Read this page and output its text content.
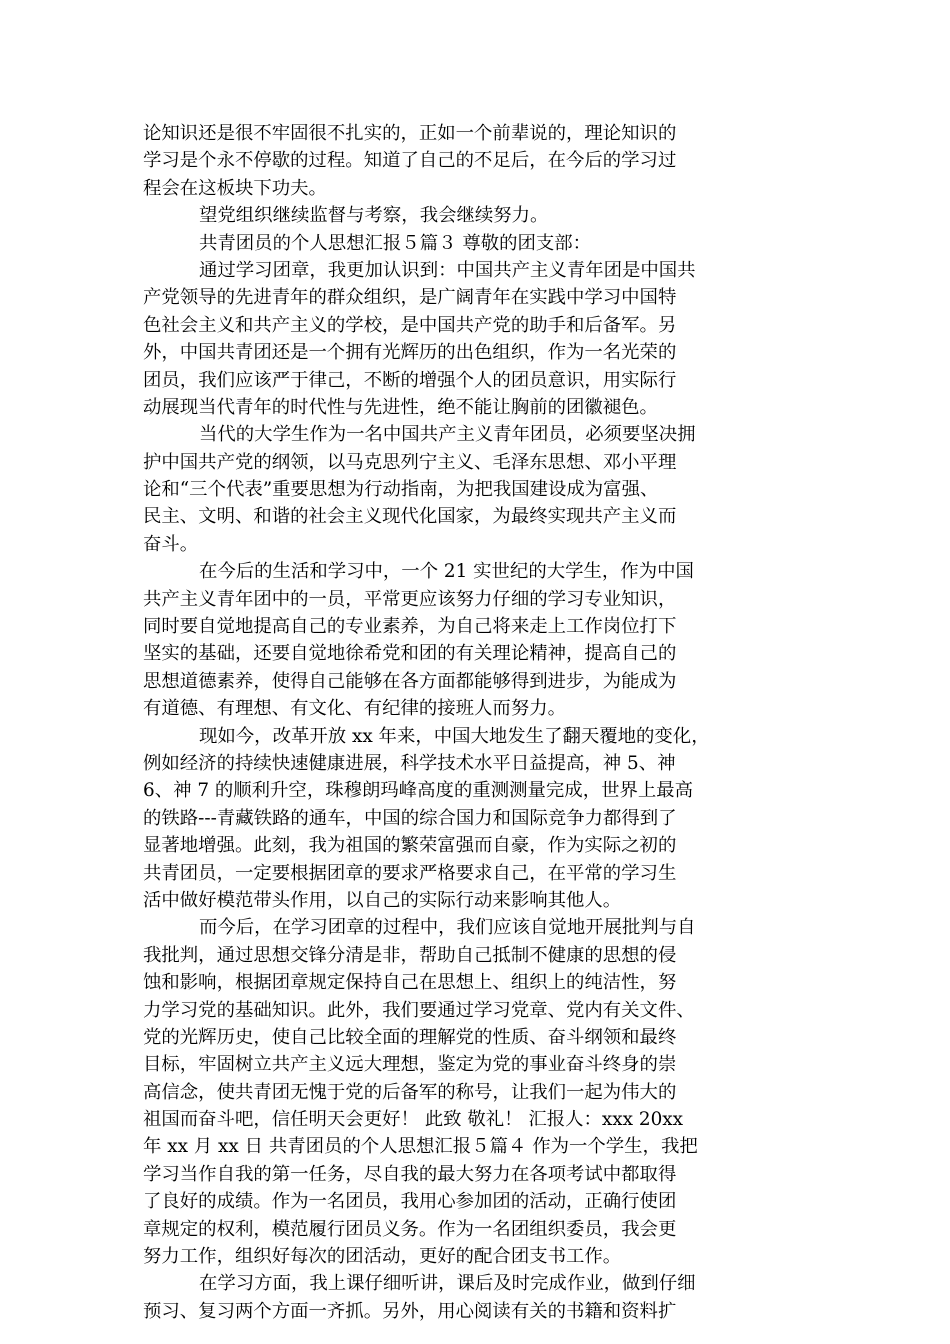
论知识还是很不牢固很不扎实的，正如一个前辈说的，理论知识的
学习是个永不停歇的过程。知道了自己的不足后，在今后的学习过
程会在这板块下功夫。
望党组织继续监督与考察，我会继续努力。
共青团员的个人思想汇报５篇３ 尊敬的团支部：
通过学习团章，我更加认识到：中国共产主义青年团是中国共
产党领导的先进青年的群众组织，是广阔青年在实践中学习中国特
色社会主义和共产主义的学校，是中国共产党的助手和后备军。另
外，中国共青团还是一个拥有光辉历的出色组织，作为一名光荣的
团员，我们应该严于律己，不断的增强个人的团员意识，用实际行
动展现当代青年的时代性与先进性，绝不能让胸前的团徽褪色。
当代的大学生作为一名中国共产主义青年团员，必须要坚决拥
护中国共产党的纲领，以马克思列宁主义、毛泽东思想、邓小平理
论和“三个代表”重要思想为行动指南，为把我国建设成为富强、
民主、文明、和谐的社会主义现代化国家，为最终实现共产主义而
奋斗。
在今后的生活和学习中，一个 21 实世纪的大学生，作为中国
共产主义青年团中的一员，平常更应该努力仔细的学习专业知识，
同时要自觉地提高自己的专业素养，为自己将来走上工作岗位打下
坚实的基础，还要自觉地徐希党和团的有关理论精神，提高自己的
思想道德素养，使得自己能够在各方面都能够得到进步，为能成为
有道德、有理想、有文化、有纪律的接班人而努力。
现如今，改革开放 xx 年来，中国大地发生了翻天覆地的变化，
例如经济的持续快速健康进展，科学技术水平日益提高，神 5、神
6、神 7 的顺利升空，珠穆朗玛峰高度的重测测量完成，世界上最高
的铁路---青藏铁路的通车，中国的综合国力和国际竞争力都得到了
显著地增强。此刻，我为祖国的繁荣富强而自豪，作为实际之初的
共青团员，一定要根据团章的要求严格要求自己，在平常的学习生
活中做好模范带头作用，以自己的实际行动来影响其他人。
而今后，在学习团章的过程中，我们应该自觉地开展批判与自
我批判，通过思想交锋分清是非，帮助自己抵制不健康的思想的侵
蚀和影响，根据团章规定保持自己在思想上、组织上的纯洁性，努
力学习党的基础知识。此外，我们要通过学习党章、党内有关文件、
党的光辉历史，使自己比较全面的理解党的性质、奋斗纲领和最终
目标，牢固树立共产主义远大理想，鉴定为党的事业奋斗终身的崇
高信念，使共青团无愧于党的后备军的称号，让我们一起为伟大的
祖国而奋斗吧，信任明天会更好！ 此致 敬礼！ 汇报人：xxx 20xx
年 xx 月 xx 日 共青团员的个人思想汇报５篇４ 作为一个学生，我把
学习当作自我的第一任务，尽自我的最大努力在各项考试中都取得
了良好的成绩。作为一名团员，我用心参加团的活动，正确行使团
章规定的权利，模范履行团员义务。作为一名团组织委员，我会更
努力工作，组织好每次的团活动，更好的配合团支书工作。
在学习方面，我上课仔细听讲，课后及时完成作业，做到仔细
预习、复习两个方面一齐抓。另外，用心阅读有关的书籍和资料扩
